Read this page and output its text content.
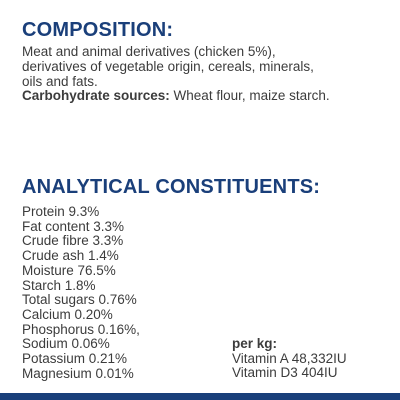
COMPOSITION:

Meat and animal derivatives (chicken 5%),

derivatives of vegetable origin, cereals, minerals,

oils and fats.

Carbohydrate sources: Wheat flour, maize starch.

ANALYTICAL CONSTITUENTS:
Protein 9.3%
Fat content 3.3%
Crude fibre 3.3%
Crude ash 1.4%
Moisture 76.5%
Starch 1.8%
Total sugars 0.76%
Calcium 0.20%
Phosphorus 0.16%,
Sodium 0.06%
Potassium 0.21%
Magnesium 0.01%

per kg:

Vitamin A 48,332IU
Vitamin D3 404IU
